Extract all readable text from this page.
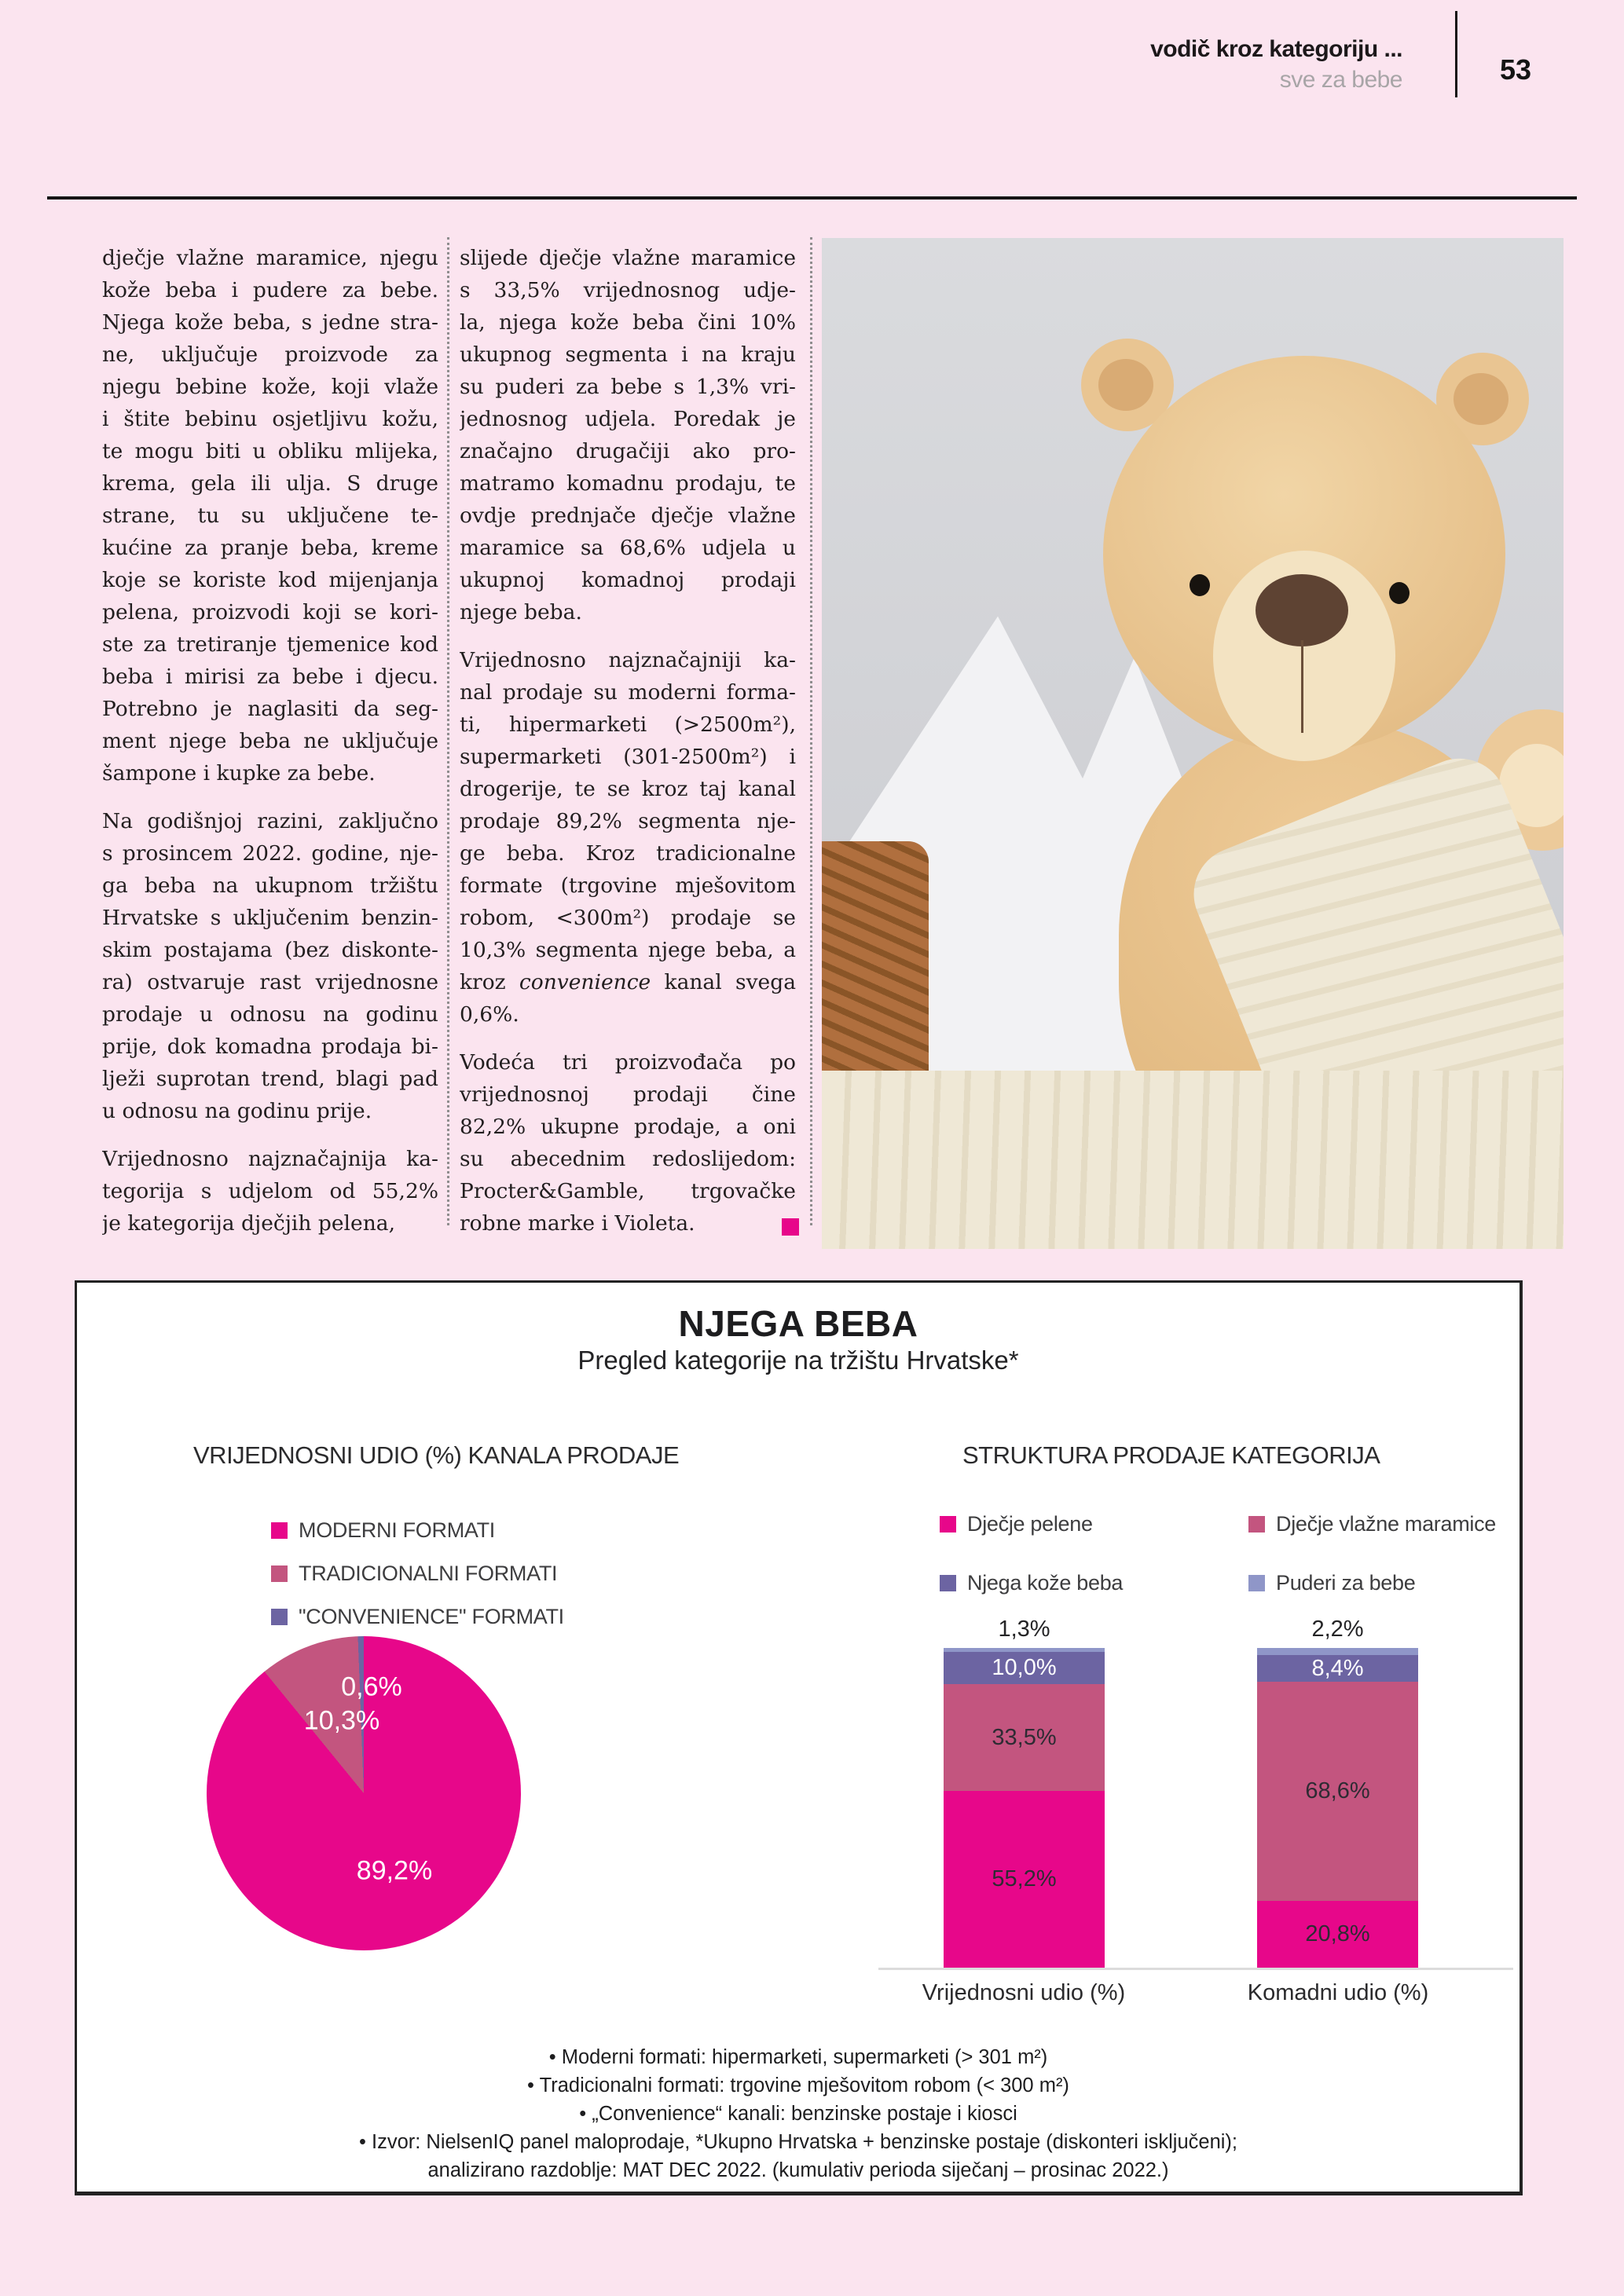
vodič kroz kategoriju ...
sve za bebe	53
dječje vlažne maramice, njegu
kože beba i pudere za bebe.
Njega kože beba, s jedne stra-
ne, uključuje proizvode za
njegu bebine kože, koji vlaže
i štite bebinu osjetljivu kožu,
te mogu biti u obliku mlijeka,
krema, gela ili ulja. S druge
strane, tu su uključene te-
kućine za pranje beba, kreme
koje se koriste kod mijenjanja
pelena, proizvodi koji se kori-
ste za tretiranje tjemenice kod
beba i mirisi za bebe i djecu.
Potrebno je naglasiti da seg-
ment njege beba ne uključuje
šampone i kupke za bebe.
Na godišnjoj razini, zaključno
s prosincem 2022. godine, nje-
ga beba na ukupnom tržištu
Hrvatske s uključenim benzin-
skim postajama (bez diskonte-
ra) ostvaruje rast vrijednosne
prodaje u odnosu na godinu
prije, dok komadna prodaja bi-
lježi suprotan trend, blagi pad
u odnosu na godinu prije.
Vrijednosno najznačajnija ka-
tegorija s udjelom od 55,2%
je kategorija dječjih pelena,
slijede dječje vlažne maramice
s 33,5% vrijednosnog udje-
la, njega kože beba čini 10%
ukupnog segmenta i na kraju
su puderi za bebe s 1,3% vri-
jednosnog udjela. Poredak je
značajno drugačiji ako pro-
matramo komadnu prodaju, te
ovdje prednjače dječje vlažne
maramice sa 68,6% udjela u
ukupnoj komadnoj prodaji
njege beba.
Vrijednosno najznačajniji ka-
nal prodaje su moderni forma-
ti, hipermarketi (>2500m²),
supermarketi (301-2500m²) i
drogerije, te se kroz taj kanal
prodaje 89,2% segmenta nje-
ge beba. Kroz tradicionalne
formate (trgovine mješovitom
robom, <300m²) prodaje se
10,3% segmenta njege beba, a
kroz convenience kanal svega
0,6%.
Vodeća tri proizvođača po
vrijednosnoj prodaji čine
82,2% ukupne prodaje, a oni
su abecednim redoslijedom:
Procter&Gamble, trgovačke
robne marke i Violeta.
NJEGA BEBA
Pregled kategorije na tržištu Hrvatske*
VRIJEDNOSNI UDIO (%) KANALA PRODAJE
MODERNI FORMATI
TRADICIONALNI FORMATI
"CONVENIENCE" FORMATI
0,6%
10,3%
89,2%
STRUKTURA PRODAJE KATEGORIJA
Dječje pelene	Dječje vlažne maramice
Njega kože beba	Puderi za bebe
1,3%	2,2%
10,0%
33,5%
55,2%
8,4%
68,6%
20,8%
Vrijednosni udio (%)	Komadni udio (%)
• Moderni formati: hipermarketi, supermarketi (> 301 m²)
• Tradicionalni formati: trgovine mješovitom robom (< 300 m²)
• „Convenience“ kanali: benzinske postaje i kiosci
• Izvor: NielsenIQ panel maloprodaje, *Ukupno Hrvatska + benzinske postaje (diskonteri isključeni);
analizirano razdoblje: MAT DEC 2022. (kumulativ perioda siječanj – prosinac 2022.)
